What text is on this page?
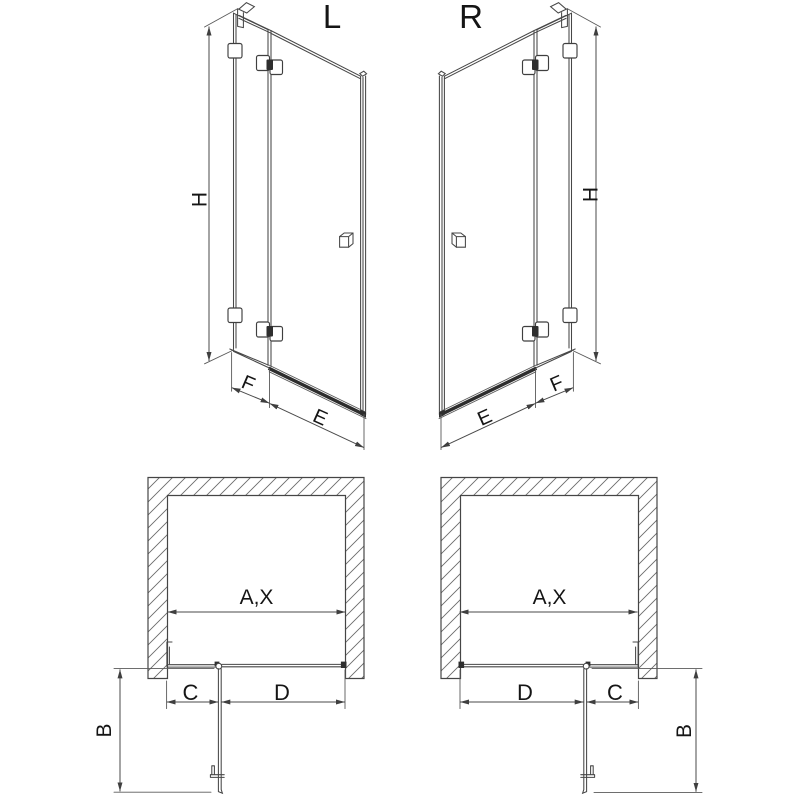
L	R
H	H
F
E
F
E
A,X	A,X
C	D	D	C
B	B
